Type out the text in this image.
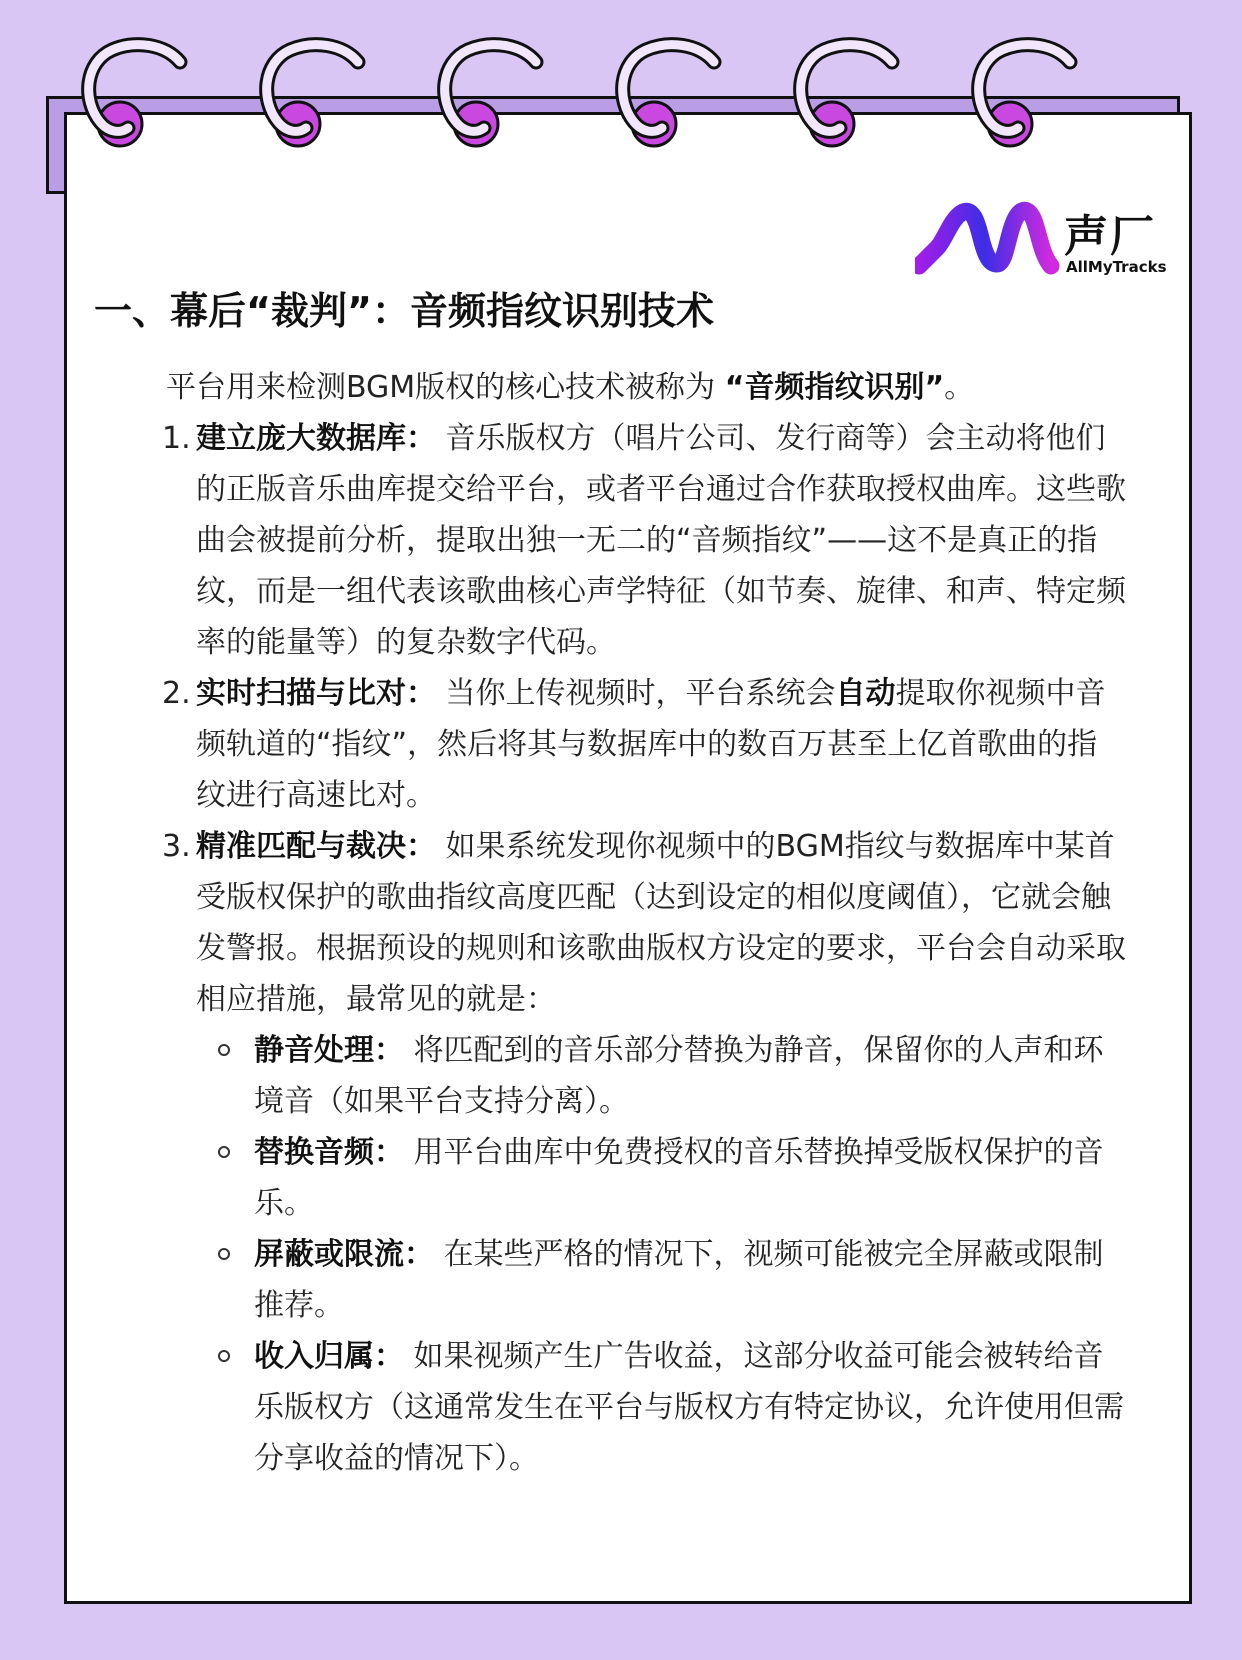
声厂
AllMyTracks
一、幕后“裁判”：音频指纹识别技术

平台用来检测BGM版权的核心技术被称为 “音频指纹识别”。

1. 建立庞大数据库： 音乐版权方（唱片公司、发行商等）会主动将他们的正版音乐曲库提交给平台，或者平台通过合作获取授权曲库。这些歌曲会被提前分析，提取出独一无二的“音频指纹”——这不是真正的指纹，而是一组代表该歌曲核心声学特征（如节奏、旋律、和声、特定频率的能量等）的复杂数字代码。
2. 实时扫描与比对： 当你上传视频时，平台系统会自动提取你视频中音频轨道的“指纹”，然后将其与数据库中的数百万甚至上亿首歌曲的指纹进行高速比对。
3. 精准匹配与裁决： 如果系统发现你视频中的BGM指纹与数据库中某首受版权保护的歌曲指纹高度匹配（达到设定的相似度阈值），它就会触发警报。根据预设的规则和该歌曲版权方设定的要求，平台会自动采取相应措施，最常见的就是：
静音处理： 将匹配到的音乐部分替换为静音，保留你的人声和环境音（如果平台支持分离）。
替换音频： 用平台曲库中免费授权的音乐替换掉受版权保护的音乐。
屏蔽或限流： 在某些严格的情况下，视频可能被完全屏蔽或限制推荐。
收入归属： 如果视频产生广告收益，这部分收益可能会被转给音乐版权方（这通常发生在平台与版权方有特定协议，允许使用但需分享收益的情况下）。
